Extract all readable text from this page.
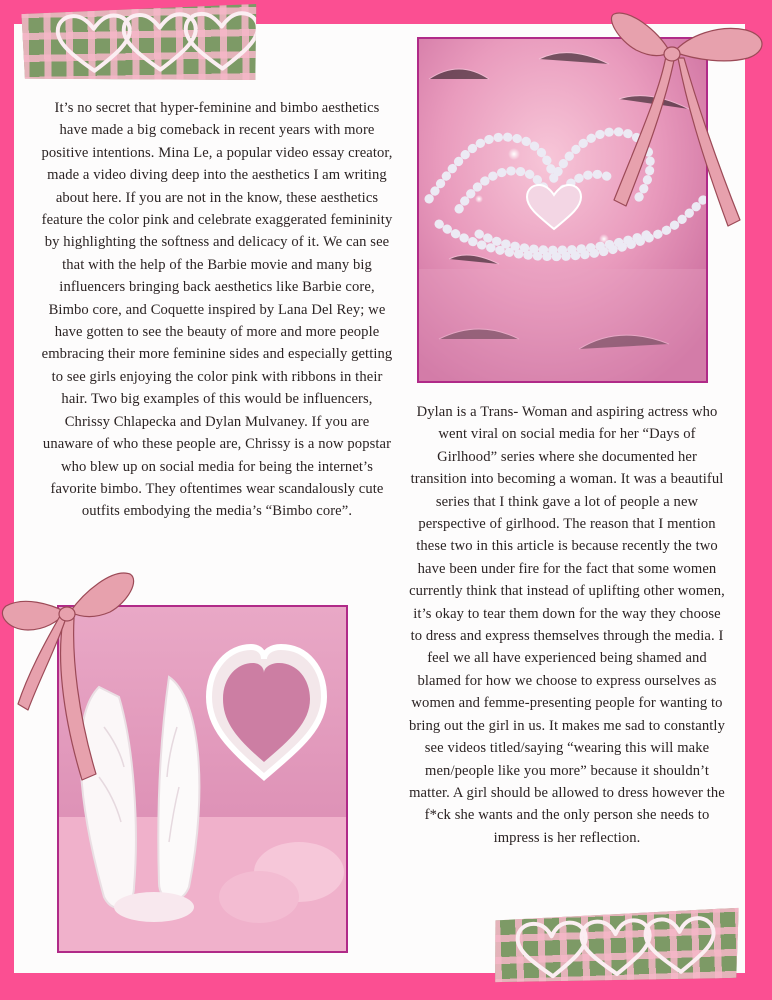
It’s no secret that hyper-feminine and bimbo aesthetics have made a big comeback in recent years with more positive intentions. Mina Le, a popular video essay creator, made a video diving deep into the aesthetics I am writing about here. If you are not in the know, these aesthetics feature the color pink and celebrate exaggerated femininity by highlighting the softness and delicacy of it. We can see that with the help of the Barbie movie and many big influencers bringing back aesthetics like Barbie core, Bimbo core, and Coquette inspired by Lana Del Rey; we have gotten to see the beauty of more and more people embracing their more feminine sides and especially getting to see girls enjoying the color pink with ribbons in their hair. Two big examples of this would be influencers, Chrissy Chlapecka and Dylan Mulvaney. If you are unaware of who these people are, Chrissy is a now popstar who blew up on social media for being the internet’s favorite bimbo. They oftentimes wear scandalously cute outfits embodying the media’s “Bimbo core”.

Dylan is a Trans- Woman and aspiring actress who went viral on social media for her “Days of Girlhood” series where she documented her transition into becoming a woman. It was a beautiful series that I think gave a lot of people a new perspective of girlhood. The reason that I mention these two in this article is because recently the two have been under fire for the fact that some women currently think that instead of uplifting other women, it’s okay to tear them down for the way they choose to dress and express themselves through the media. I feel we all have experienced being shamed and blamed for how we choose to express ourselves as women and femme-presenting people for wanting to bring out the girl in us. It makes me sad to constantly see videos titled/saying “wearing this will make men/people like you more” because it shouldn’t matter. A girl should be allowed to dress however the f*ck she wants and the only person she needs to impress is her reflection.
